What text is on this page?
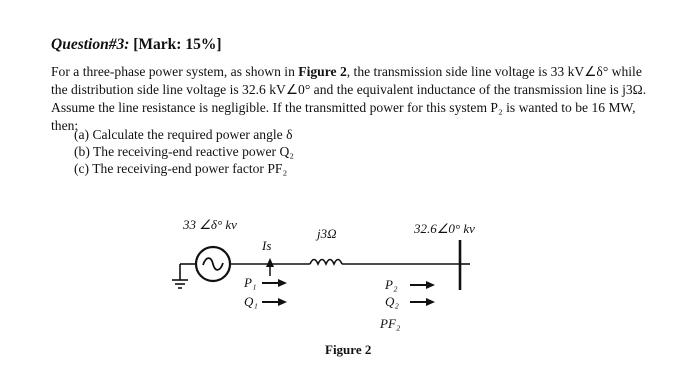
Question#3: [Mark: 15%]
For a three-phase power system, as shown in Figure 2, the transmission side line voltage is 33 kV∠δ° while the distribution side line voltage is 32.6 kV∠0° and the equivalent inductance of the transmission line is j3Ω. Assume the line resistance is negligible. If the transmitted power for this system P₂ is wanted to be 16 MW, then:
(a) Calculate the required power angle δ
(b) The receiving-end reactive power Q₂
(c) The receiving-end power factor PF₂
33 ∠δ° kv	32.6∠0° kv
Is
j3Ω
P₁
Q₁
P₂
Q₂
PF₂
Figure 2
